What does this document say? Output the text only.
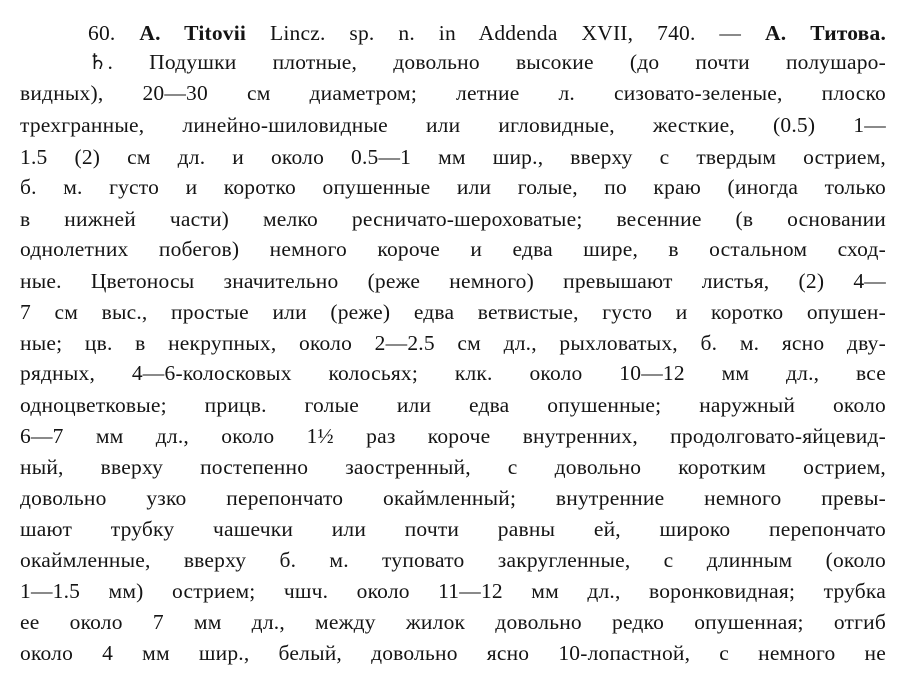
60. A. Titovii Lincz. sp. n. in Addenda XVII, 740. — А. Титова.
♄. Подушки плотные, довольно высокие (до почти полушаро-
видных), 20—30 см диаметром; летние л. сизовато-зеленые, плоско
трехгранные, линейно-шиловидные или игловидные, жесткие, (0.5) 1—
1.5 (2) см дл. и около 0.5—1 мм шир., вверху с твердым острием,
б. м. густо и коротко опушенные или голые, по краю (иногда только
в нижней части) мелко ресничато-шероховатые; весенние (в основании
однолетних побегов) немного короче и едва шире, в остальном сход-
ные. Цветоносы значительно (реже немного) превышают листья, (2) 4—
7 см выс., простые или (реже) едва ветвистые, густо и коротко опушен-
ные; цв. в некрупных, около 2—2.5 см дл., рыхловатых, б. м. ясно дву-
рядных, 4—6-колосковых колосьях; клк. около 10—12 мм дл., все
одноцветковые; прицв. голые или едва опушенные; наружный около
6—7 мм дл., около 1½ раз короче внутренних, продолговато-яйцевид-
ный, вверху постепенно заостренный, с довольно коротким острием,
довольно узко перепончато окаймленный; внутренние немного превы-
шают трубку чашечки или почти равны ей, широко перепончато
окаймленные, вверху б. м. туповато закругленные, с длинным (около
1—1.5 мм) острием; чшч. около 11—12 мм дл., воронковидная; трубка
ее около 7 мм дл., между жилок довольно редко опушенная; отгиб
около 4 мм шир., белый, довольно ясно 10-лопастной, с немного не
